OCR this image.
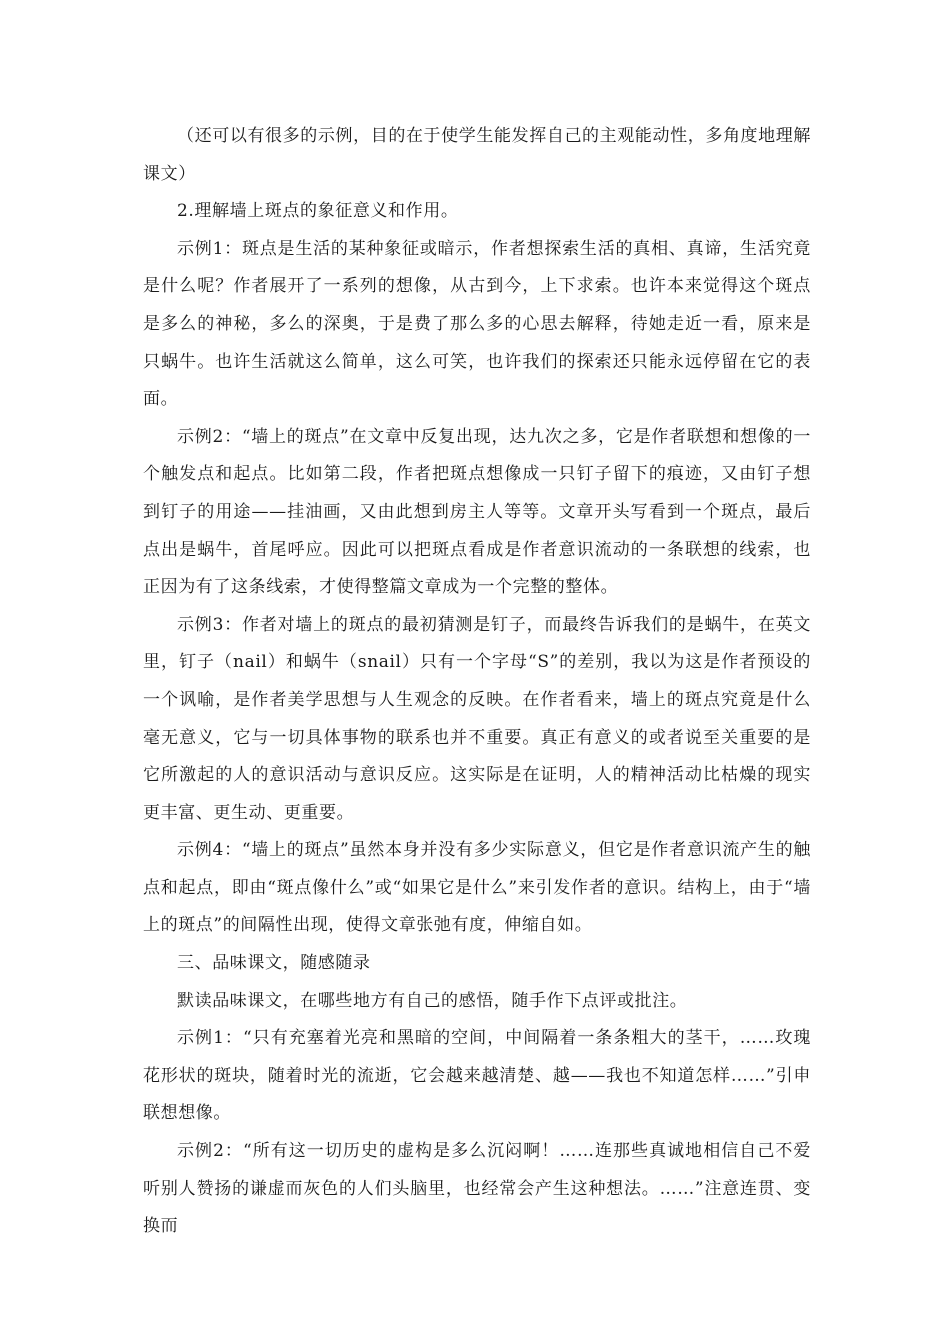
（还可以有很多的示例，目的在于使学生能发挥自己的主观能动性，多角度地理解课文）

2.理解墙上斑点的象征意义和作用。

示例1：斑点是生活的某种象征或暗示，作者想探索生活的真相、真谛，生活究竟是什么呢？作者展开了一系列的想像，从古到今，上下求索。也许本来觉得这个斑点是多么的神秘，多么的深奥，于是费了那么多的心思去解释，待她走近一看，原来是只蜗牛。也许生活就这么简单，这么可笑，也许我们的探索还只能永远停留在它的表面。

示例2：“墙上的斑点”在文章中反复出现，达九次之多，它是作者联想和想像的一个触发点和起点。比如第二段，作者把斑点想像成一只钉子留下的痕迹，又由钉子想到钉子的用途——挂油画，又由此想到房主人等等。文章开头写看到一个斑点，最后点出是蜗牛，首尾呼应。因此可以把斑点看成是作者意识流动的一条联想的线索，也正因为有了这条线索，才使得整篇文章成为一个完整的整体。

示例3：作者对墙上的斑点的最初猜测是钉子，而最终告诉我们的是蜗牛，在英文里，钉子（nail）和蜗牛（snail）只有一个字母“S”的差别，我以为这是作者预设的一个讽喻，是作者美学思想与人生观念的反映。在作者看来，墙上的斑点究竟是什么毫无意义，它与一切具体事物的联系也并不重要。真正有意义的或者说至关重要的是它所激起的人的意识活动与意识反应。这实际是在证明，人的精神活动比枯燥的现实更丰富、更生动、更重要。

示例4：“墙上的斑点”虽然本身并没有多少实际意义，但它是作者意识流产生的触点和起点，即由“斑点像什么”或“如果它是什么”来引发作者的意识。结构上，由于“墙上的斑点”的间隔性出现，使得文章张弛有度，伸缩自如。

三、品味课文，随感随录

默读品味课文，在哪些地方有自己的感悟，随手作下点评或批注。

示例1：“只有充塞着光亮和黑暗的空间，中间隔着一条条粗大的茎干，……玫瑰花形状的斑块，随着时光的流逝，它会越来越清楚、越——我也不知道怎样……”引申联想想像。

示例2：“所有这一切历史的虚构是多么沉闷啊！……连那些真诚地相信自己不爱听别人赞扬的谦虚而灰色的人们头脑里，也经常会产生这种想法。……”注意连贯、变换而
